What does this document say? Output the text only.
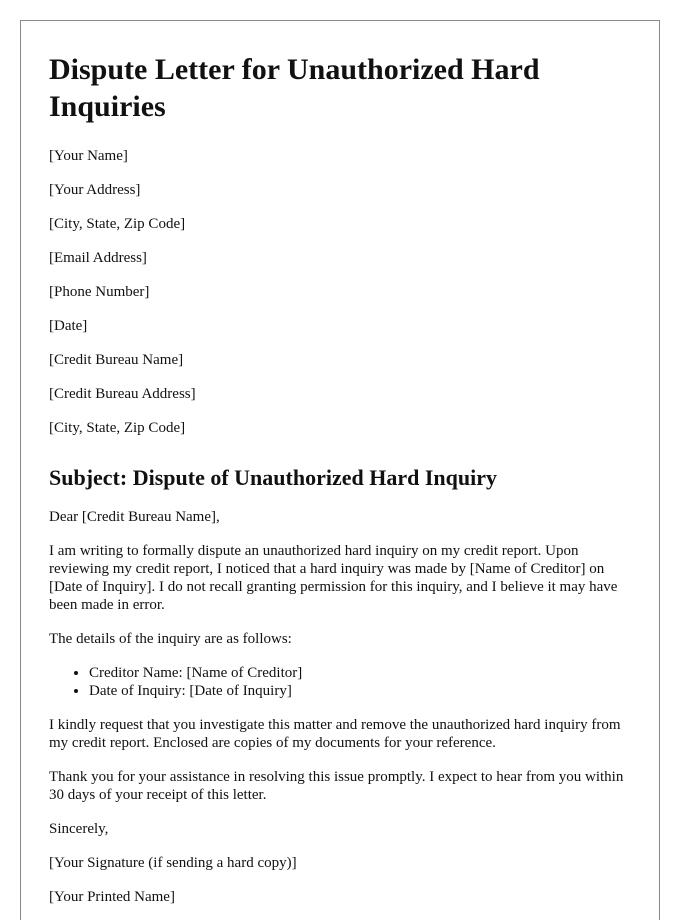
Dispute Letter for Unauthorized Hard Inquiries

[Your Name]

[Your Address]

[City, State, Zip Code]

[Email Address]

[Phone Number]

[Date]

[Credit Bureau Name]

[Credit Bureau Address]

[City, State, Zip Code]

Subject: Dispute of Unauthorized Hard Inquiry

Dear [Credit Bureau Name],

I am writing to formally dispute an unauthorized hard inquiry on my credit report. Upon reviewing my credit report, I noticed that a hard inquiry was made by [Name of Creditor] on [Date of Inquiry]. I do not recall granting permission for this inquiry, and I believe it may have been made in error.

The details of the inquiry are as follows:

• Creditor Name: [Name of Creditor]
• Date of Inquiry: [Date of Inquiry]

I kindly request that you investigate this matter and remove the unauthorized hard inquiry from my credit report. Enclosed are copies of my documents for your reference.

Thank you for your assistance in resolving this issue promptly. I expect to hear from you within 30 days of your receipt of this letter.

Sincerely,

[Your Signature (if sending a hard copy)]

[Your Printed Name]
